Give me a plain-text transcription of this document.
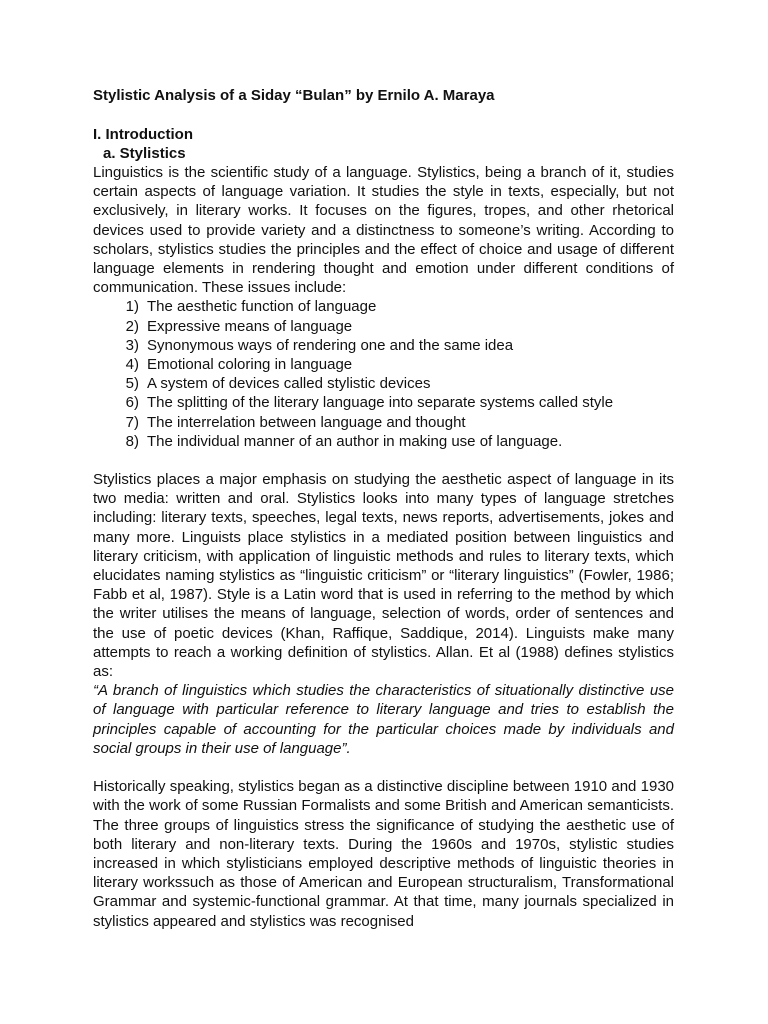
Stylistic Analysis of a Siday “Bulan” by Ernilo A. Maraya

I. Introduction

a. Stylistics

Linguistics is the scientific study of a language. Stylistics, being a branch of it, studies certain aspects of language variation. It studies the style in texts, especially, but not exclusively, in literary works. It focuses on the figures, tropes, and other rhetorical devices used to provide variety and a distinctness to someone’s writing. According to scholars, stylistics studies the principles and the effect of choice and usage of different language elements in rendering thought and emotion under different conditions of communication. These issues include:

1) The aesthetic function of language
2) Expressive means of language
3) Synonymous ways of rendering one and the same idea
4) Emotional coloring in language
5) A system of devices called stylistic devices
6) The splitting of the literary language into separate systems called style
7) The interrelation between language and thought
8) The individual manner of an author in making use of language.

Stylistics places a major emphasis on studying the aesthetic aspect of language in its two media: written and oral. Stylistics looks into many types of language stretches including: literary texts, speeches, legal texts, news reports, advertisements, jokes and many more. Linguists place stylistics in a mediated position between linguistics and literary criticism, with application of linguistic methods and rules to literary texts, which elucidates naming stylistics as “linguistic criticism” or “literary linguistics” (Fowler, 1986; Fabb et al, 1987). Style is a Latin word that is used in referring to the method by which the writer utilises the means of language, selection of words, order of sentences and the use of poetic devices (Khan, Raffique, Saddique, 2014). Linguists make many attempts to reach a working definition of stylistics. Allan. Et al (1988) defines stylistics as:

“A branch of linguistics which studies the characteristics of situationally distinctive use of language with particular reference to literary language and tries to establish the principles capable of accounting for the particular choices made by individuals and social groups in their use of language”.

Historically speaking, stylistics began as a distinctive discipline between 1910 and 1930 with the work of some Russian Formalists and some British and American semanticists. The three groups of linguistics stress the significance of studying the aesthetic use of both literary and non-literary texts. During the 1960s and 1970s, stylistic studies increased in which stylisticians employed descriptive methods of linguistic theories in literary workssuch as those of American and European structuralism, Transformational Grammar and systemic-functional grammar. At that time, many journals specialized in stylistics appeared and stylistics was recognised
